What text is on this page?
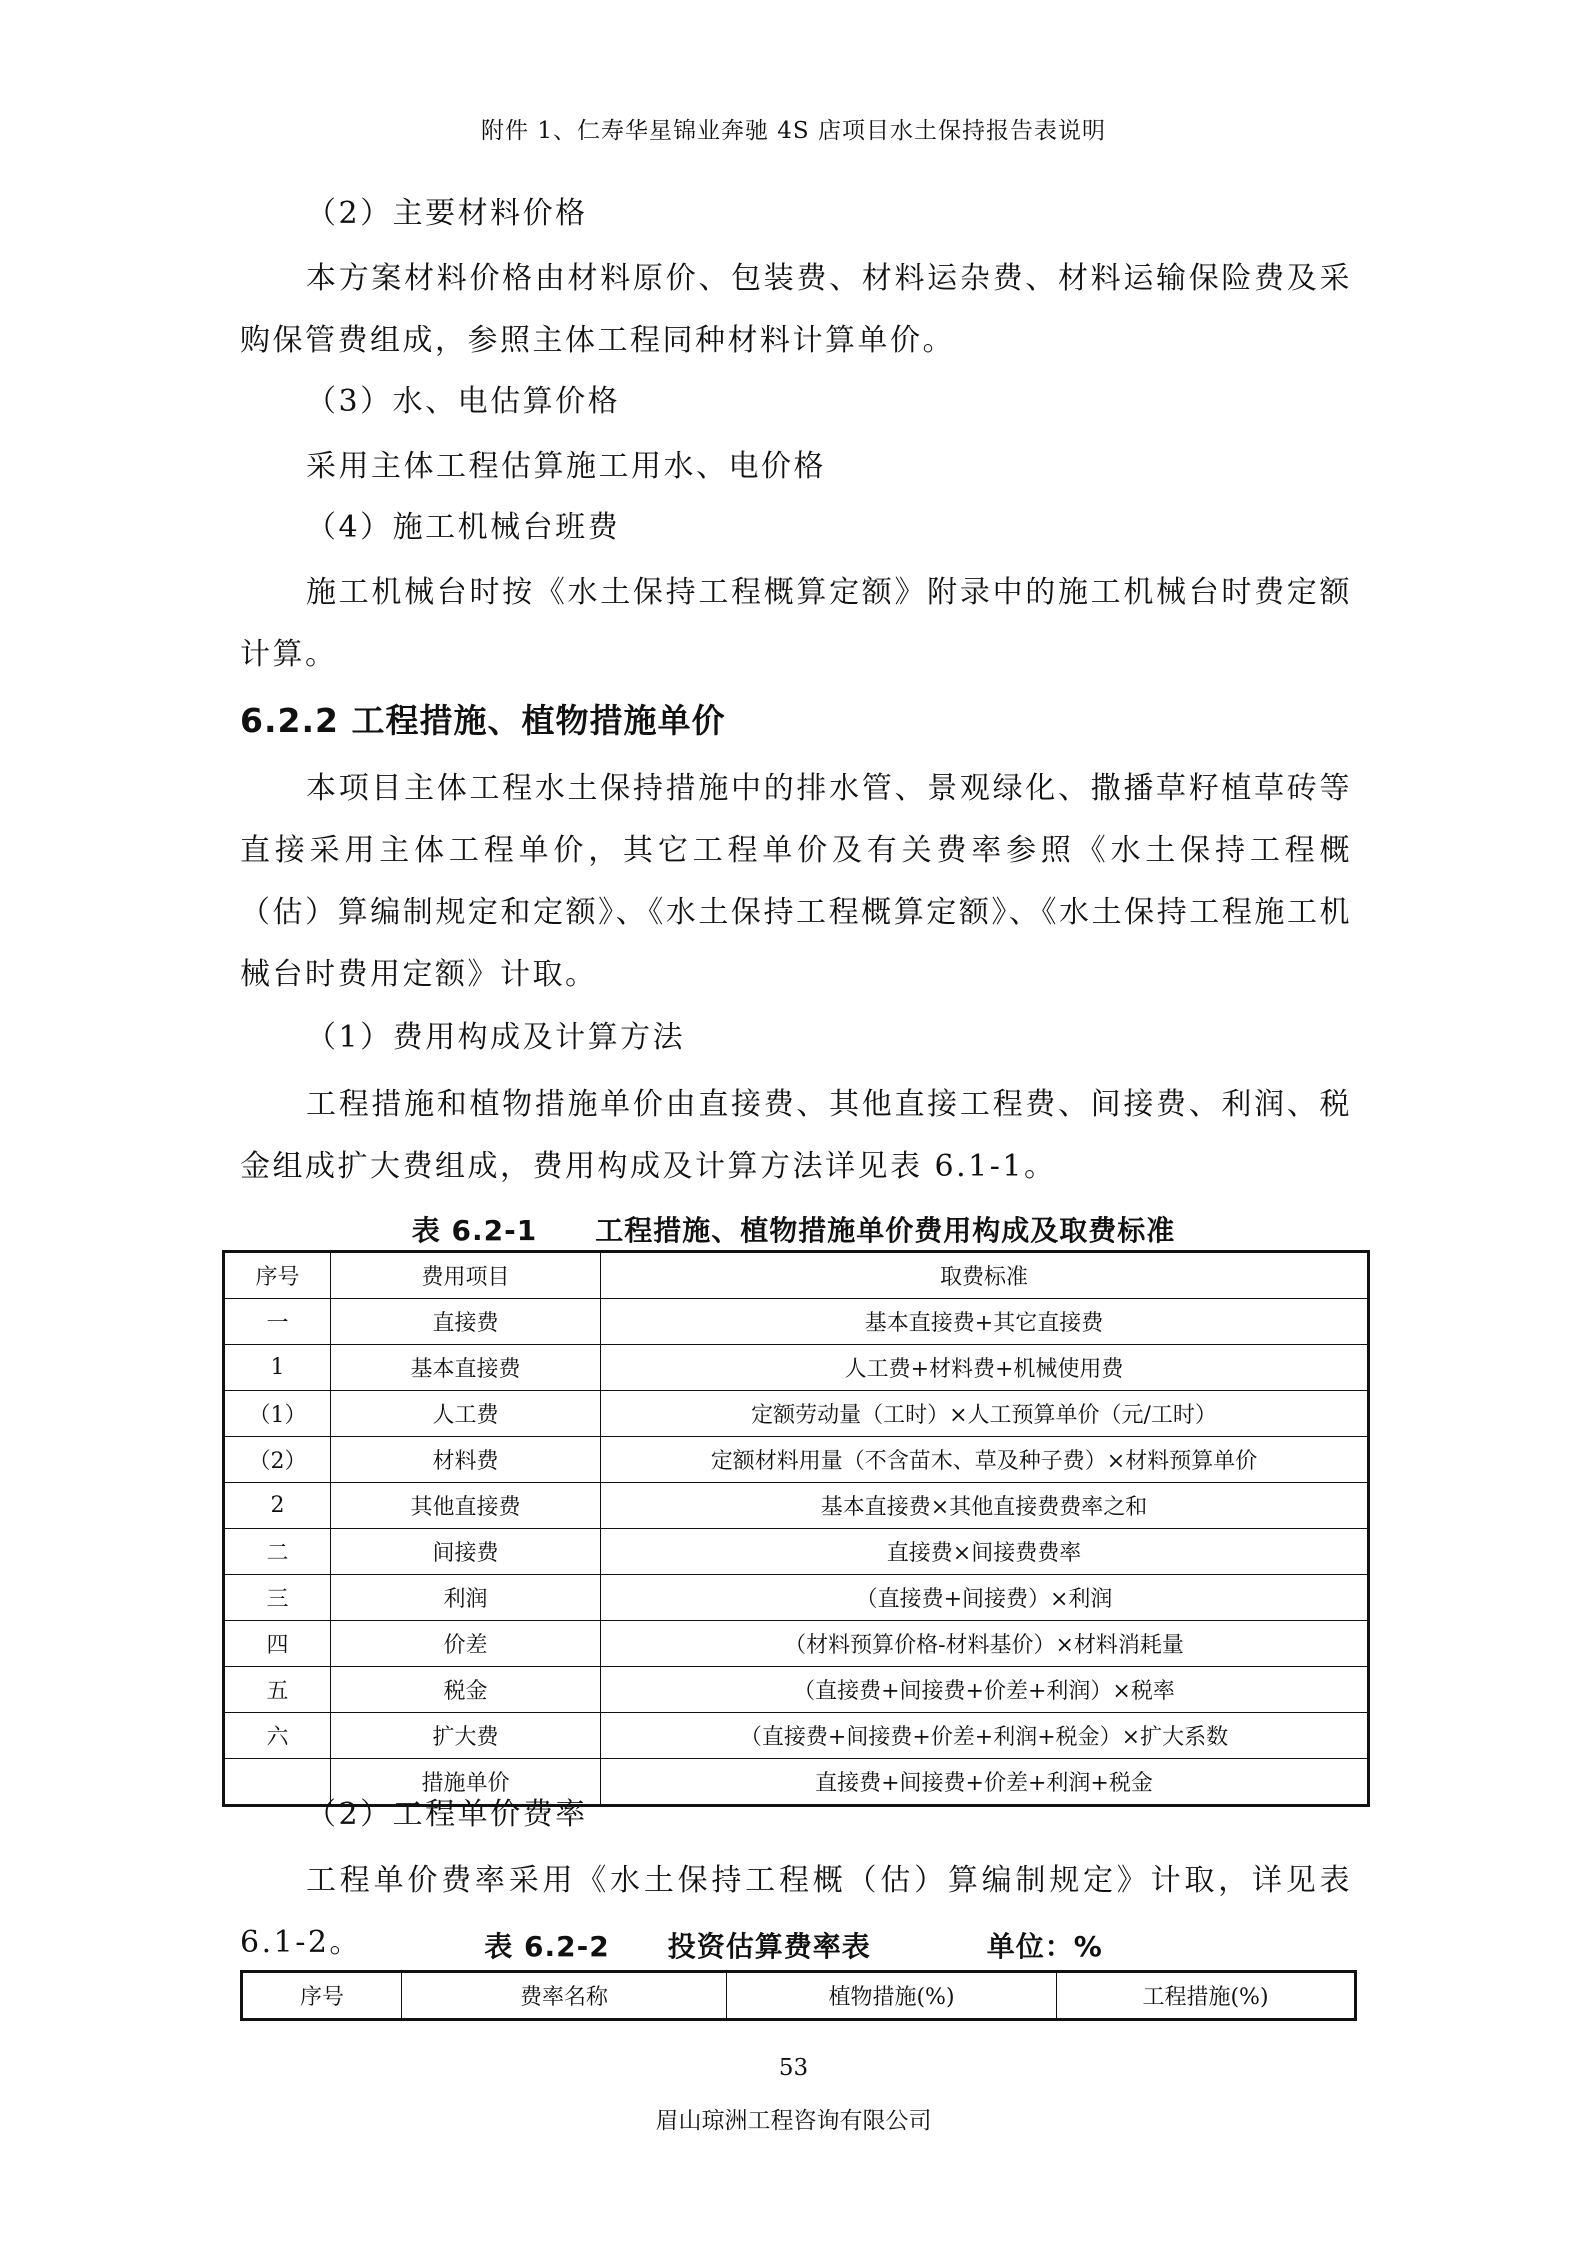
附件 1、仁寿华星锦业奔驰 4S 店项目水土保持报告表说明
（2）主要材料价格
本方案材料价格由材料原价、包装费、材料运杂费、材料运输保险费及采购保管费组成，参照主体工程同种材料计算单价。
（3）水、电估算价格
采用主体工程估算施工用水、电价格
（4）施工机械台班费
施工机械台时按《水土保持工程概算定额》附录中的施工机械台时费定额计算。
6.2.2 工程措施、植物措施单价
本项目主体工程水土保持措施中的排水管、景观绿化、撒播草籽植草砖等直接采用主体工程单价，其它工程单价及有关费率参照《水土保持工程概（估）算编制规定和定额》、《水土保持工程概算定额》、《水土保持工程施工机械台时费用定额》计取。
（1）费用构成及计算方法
工程措施和植物措施单价由直接费、其他直接工程费、间接费、利润、税金组成扩大费组成，费用构成及计算方法详见表 6.1-1。
表 6.2-1　　工程措施、植物措施单价费用构成及取费标准
序号	费用项目	取费标准
一	直接费	基本直接费+其它直接费
1	基本直接费	人工费+材料费+机械使用费
（1）	人工费	定额劳动量（工时）×人工预算单价（元/工时）
（2）	材料费	定额材料用量（不含苗木、草及种子费）×材料预算单价
2	其他直接费	基本直接费×其他直接费费率之和
二	间接费	直接费×间接费费率
三	利润	（直接费+间接费）×利润
四	价差	（材料预算价格-材料基价）×材料消耗量
五	税金	（直接费+间接费+价差+利润）×税率
六	扩大费	（直接费+间接费+价差+利润+税金）×扩大系数
	措施单价	直接费+间接费+价差+利润+税金
（2）工程单价费率
工程单价费率采用《水土保持工程概（估）算编制规定》计取，详见表 6.1-2。	表 6.2-2　　投资估算费率表　　　　单位：%
序号	费率名称	植物措施(%)	工程措施(%)
53
眉山琼洲工程咨询有限公司
